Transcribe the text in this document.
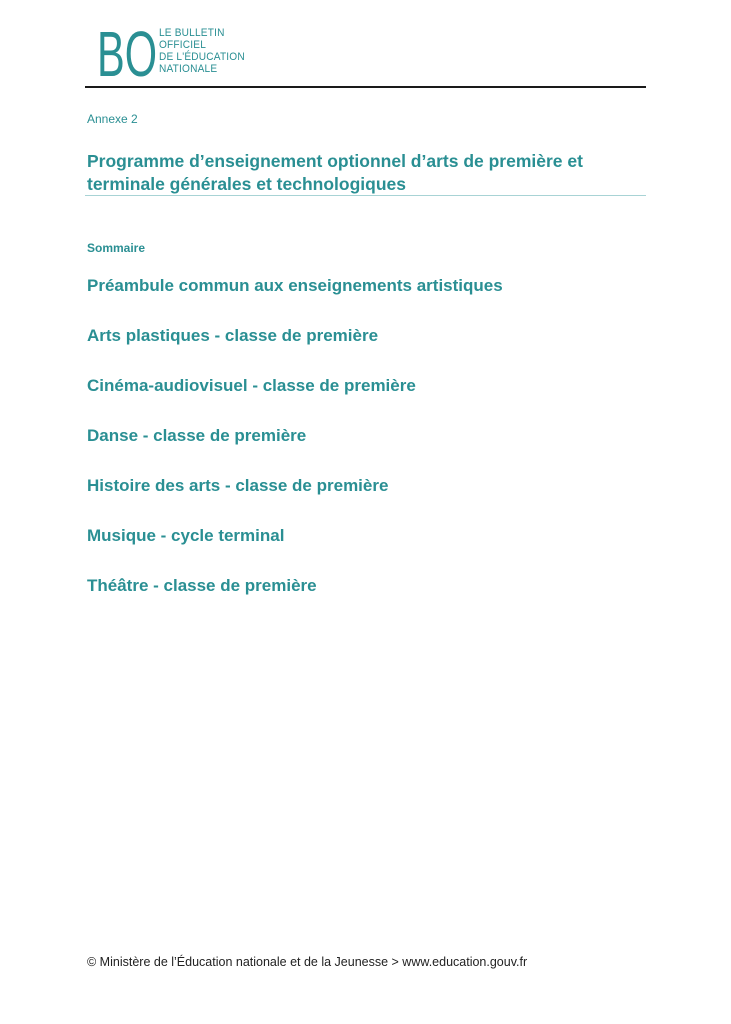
BO LE BULLETIN
OFFICIEL
DE L'ÉDUCATION
NATIONALE
Annexe 2
Programme d’enseignement optionnel d’arts de première et terminale générales et technologiques
Sommaire
Préambule commun aux enseignements artistiques
Arts plastiques - classe de première
Cinéma-audiovisuel - classe de première
Danse - classe de première
Histoire des arts - classe de première
Musique - cycle terminal
Théâtre - classe de première
© Ministère de l’Éducation nationale et de la Jeunesse > www.education.gouv.fr
